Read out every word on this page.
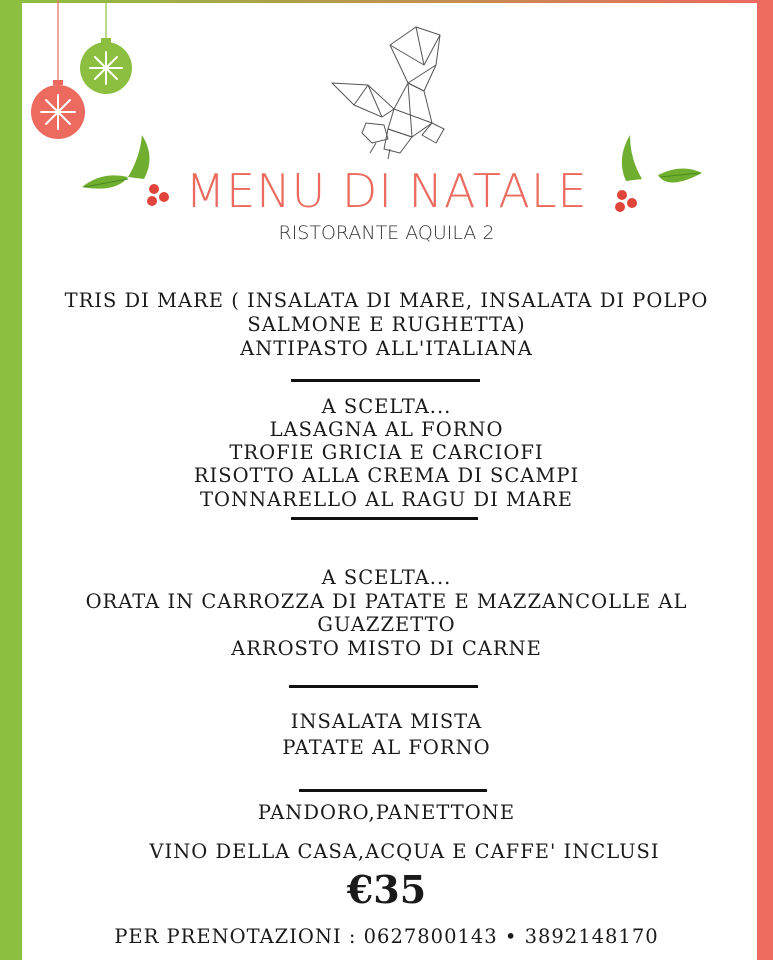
MENU DI NATALE
RISTORANTE AQUILA 2
TRIS DI MARE ( INSALATA DI MARE, INSALATA DI POLPO
SALMONE E RUGHETTA)
ANTIPASTO ALL'ITALIANA
A SCELTA...
LASAGNA AL FORNO
TROFIE GRICIA E CARCIOFI
RISOTTO ALLA CREMA DI SCAMPI
TONNARELLO AL RAGU DI MARE
A SCELTA...
ORATA IN CARROZZA DI PATATE E MAZZANCOLLE AL
GUAZZETTO
ARROSTO MISTO DI CARNE
INSALATA MISTA
PATATE AL FORNO
PANDORO,PANETTONE
VINO DELLA CASA,ACQUA E CAFFE' INCLUSI
€35
PER PRENOTAZIONI : 0627800143 • 3892148170
